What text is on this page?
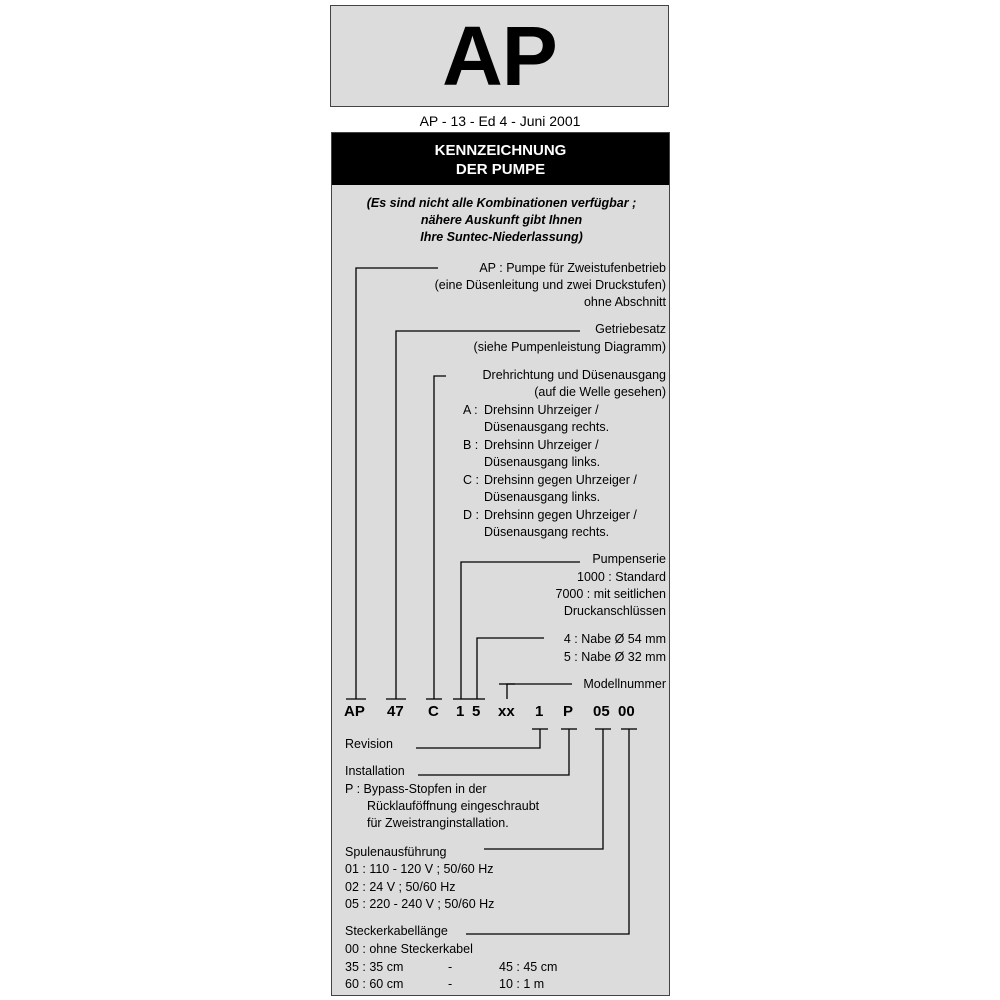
AP
AP - 13 - Ed 4 - Juni 2001
KENNZEICHNUNG
DER PUMPE
(Es sind nicht alle Kombinationen verfügbar ;
nähere Auskunft gibt Ihnen
Ihre Suntec-Niederlassung)
AP : Pumpe für Zweistufenbetrieb
(eine Düsenleitung und zwei Druckstufen)
ohne Abschnitt
Getriebesatz
(siehe Pumpenleistung Diagramm)
Drehrichtung und Düsenausgang
(auf die Welle gesehen)
A : Drehsinn Uhrzeiger /
Düsenausgang rechts.
B : Drehsinn Uhrzeiger /
Düsenausgang links.
C : Drehsinn gegen Uhrzeiger /
Düsenausgang links.
D : Drehsinn gegen Uhrzeiger /
Düsenausgang rechts.
Pumpenserie
1000 : Standard
7000 : mit seitlichen
Druckanschlüssen
4 : Nabe Ø 54 mm
5 : Nabe Ø 32 mm
Modellnummer
AP 47 C 1 5 xx 1 P 05 00
Revision
Installation
P : Bypass-Stopfen in der
Rücklauföffnung eingeschraubt
für Zweistranginstallation.
Spulenausführung
01 : 110 - 120 V ; 50/60 Hz
02 : 24 V ; 50/60 Hz
05 : 220 - 240 V ; 50/60 Hz
Steckerkabellänge
00 : ohne Steckerkabel
35 : 35 cm	-	45 : 45 cm
60 : 60 cm	-	10 : 1 m
